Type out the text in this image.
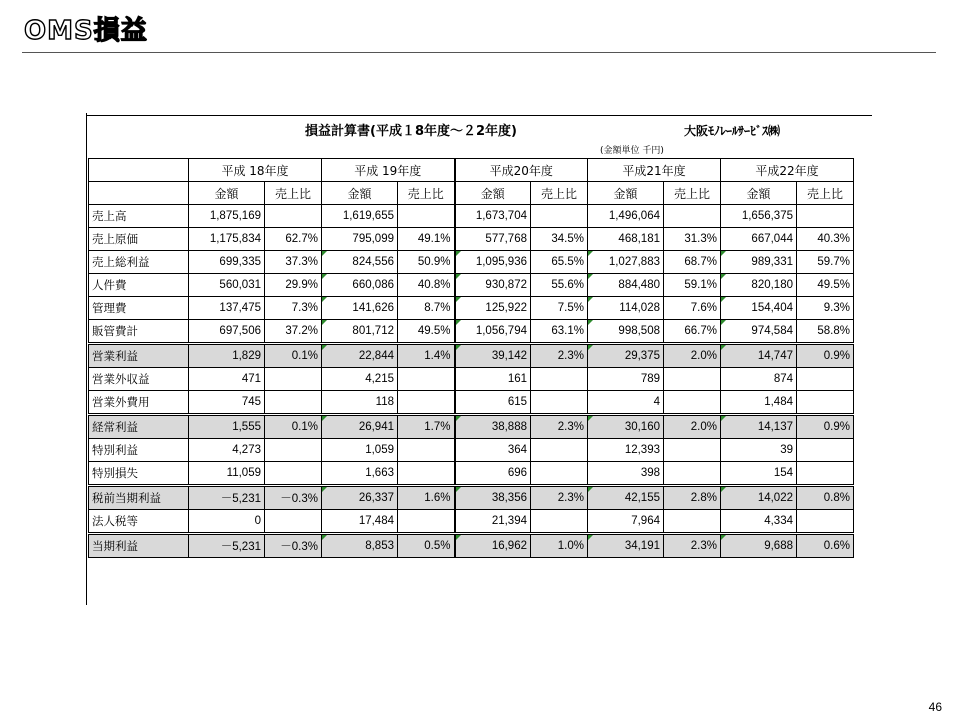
OMS損益
損益計算書(平成１8年度～２2年度)	大阪ﾓﾉﾚｰﾙｻｰﾋﾞｽ㈱
(金額単位 千円)
	平成 18年度		平成 19年度		平成20年度		平成21年度		平成22年度	
	金額	売上比	金額	売上比	金額	売上比	金額	売上比	金額	売上比
売上高	1,875,169		1,619,655		1,673,704		1,496,064		1,656,375	
売上原価	1,175,834	62.7%	795,099	49.1%	577,768	34.5%	468,181	31.3%	667,044	40.3%
売上総利益	699,335	37.3%	824,556	50.9%	1,095,936	65.5%	1,027,883	68.7%	989,331	59.7%
人件費	560,031	29.9%	660,086	40.8%	930,872	55.6%	884,480	59.1%	820,180	49.5%
管理費	137,475	7.3%	141,626	8.7%	125,922	7.5%	114,028	7.6%	154,404	9.3%
販管費計	697,506	37.2%	801,712	49.5%	1,056,794	63.1%	998,508	66.7%	974,584	58.8%
営業利益	1,829	0.1%	22,844	1.4%	39,142	2.3%	29,375	2.0%	14,747	0.9%
営業外収益	471		4,215		161		789		874	
営業外費用	745		118		615		4		1,484	
経常利益	1,555	0.1%	26,941	1.7%	38,888	2.3%	30,160	2.0%	14,137	0.9%
特別利益	4,273		1,059		364		12,393		39	
特別損失	11,059		1,663		696		398		154	
税前当期利益	－5,231	－0.3%	26,337	1.6%	38,356	2.3%	42,155	2.8%	14,022	0.8%
法人税等	0		17,484		21,394		7,964		4,334	
当期利益	－5,231	－0.3%	8,853	0.5%	16,962	1.0%	34,191	2.3%	9,688	0.6%
46
